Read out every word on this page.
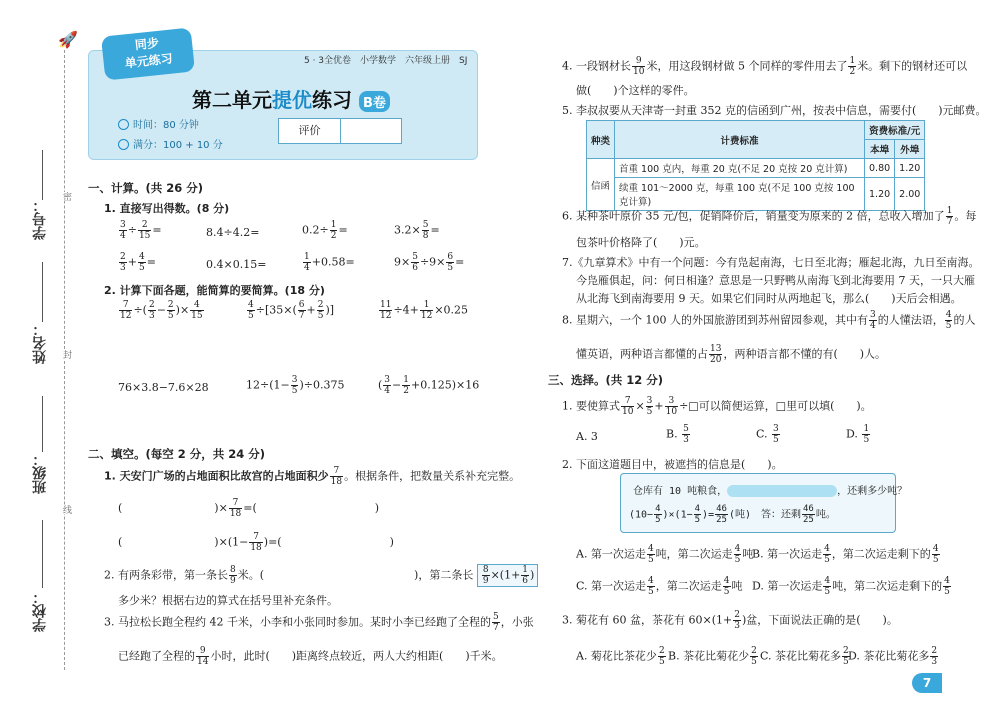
学号：
姓名：
班级：
学校：
密
封
线
🚀
5 · 3全优卷　小学数学　六年级上册　SJ
同步
单元练习
第二单元提优练习 B卷
时间：80 分钟
满分：100 + 10 分
评价
一、计算。(共 26 分)
1. 直接写出得数。(8 分)
$\frac{3}{4} \div \frac{2}{15}$ =	8.4÷4.2=	$0.2\div \frac{1}{2}$ =	$3.2\times \frac{5}{8}$ =
$\frac{2}{3} + \frac{4}{5}$ =	0.4×0.15=	$\frac{1}{4} +0.58=$	$9\times \frac{5}{6} \div 9\times \frac{6}{5}$ =
2. 计算下面各题，能简算的要简算。(18 分)
$\frac{7}{12}$ ÷( $\frac{2}{3} - \frac{2}{5}$ )× $\frac{4}{15}$	$\frac{4}{5} \div[35\times( \frac{6}{7} + \frac{2}{5}$ )]	$\frac{11}{12} \div 4+ \frac{1}{12} \times 0.25$
76×3.8−7.6×28	$12\div(1- \frac{3}{5} )\div 0.375$	( $\frac{3}{4} - \frac{1}{2} +0.125)\times 16$
二、填空。(每空 2 分，共 24 分)
1. 天安门广场的占地面积比故宫的占地面积少 $\frac{7}{18}$ 。根据条件，把数量关系补充完整。
(	)× $\frac{7}{18}$ =(	)
(	)$\times(1- \frac{7}{18}$ )=(	)
2. 有两条彩带，第一条长 $\frac{8}{9}$ 米。(	)，第二条长 $\frac{8}{9} \times(1+ \frac{1}{6}$ )
多少米？根据右边的算式在括号里补充条件。
3. 马拉松长跑全程约 42 千米，小李和小张同时参加。某时小李已经跑了全程的 $\frac{5}{7}$ ，小张
已经跑了全程的 $\frac{9}{14}$ 小时，此时(　　)距离终点较近，两人大约相距(　　)千米。
4. 一段钢材长 $\frac{9}{10}$ 米，用这段钢材做 5 个同样的零件用去了 $\frac{1}{2}$ 米。剩下的钢材还可以
做(　　)个这样的零件。
5. 李叔叔要从天津寄一封重 352 克的信函到广州，按表中信息，需要付(　　)元邮费。
种类	计费标准	资费标准/元	
		本埠	外埠
信函	首重 100 克内，每重 20 克(不足 20 克按 20 克计算)	0.80	1.20
	续重 101～2000 克，每重 100 克(不足 100 克按 100 克计算)	1.20	2.00
6. 某种茶叶原价 35 元/包，促销降价后，销量变为原来的 2 倍，总收入增加了 $\frac{1}{7}$ 。每
包茶叶价格降了(　　)元。
7.《九章算术》中有一个问题：今有凫起南海，七日至北海；雁起北海，九日至南海。
今凫雁俱起，问：何日相逢？意思是一只野鸭从南海飞到北海要用 7 天，一只大雁
从北海飞到南海要用 9 天。如果它们同时从两地起飞，那么(　　)天后会相遇。
8. 星期六，一个 100 人的外国旅游团到苏州留园参观，其中有 $\frac{3}{4}$ 的人懂法语， $\frac{4}{5}$ 的人
懂英语，两种语言都懂的占 $\frac{13}{20}$ ，两种语言都不懂的有(　　)人。
三、选择。(共 12 分)
1. 要使算式 $\frac{7}{10} \times \frac{3}{5} + \frac{3}{10}$ ÷□可以简便运算，□里可以填(　　)。
A. 3	B. $\frac{5}{3}$	C. $\frac{3}{5}$	D. $\frac{1}{5}$
2. 下面这道题目中，被遮挡的信息是(　　)。
仓库有 10 吨粮食，	，还剩多少吨？
$(10- \frac{4}{5} )\times(1- \frac{4}{5}$ )= $\frac{46}{25}$ (吨)　答：还剩 $\frac{46}{25}$ 吨。
A. 第一次运走 $\frac{4}{5}$ 吨，第二次运走 $\frac{4}{5}$ 吨
B. 第一次运走 $\frac{4}{5}$ ，第二次运走剩下的 $\frac{4}{5}$
C. 第一次运走 $\frac{4}{5}$ ，第二次运走 $\frac{4}{5}$ 吨 D. 第一次运走 $\frac{4}{5}$ 吨，第二次运走剩下的 $\frac{4}{5}$
3. 菊花有 60 盆，茶花有 $60\times(1+ \frac{2}{3}$ )盆，下面说法正确的是(　　)。
A. 菊花比茶花少 $\frac{2}{5} B$. 茶花比菊花少 $\frac{2}{5} C$. 茶花比菊花多 $\frac{2}{5}$
D. 茶花比菊花多 $\frac{2}{3}$
7
